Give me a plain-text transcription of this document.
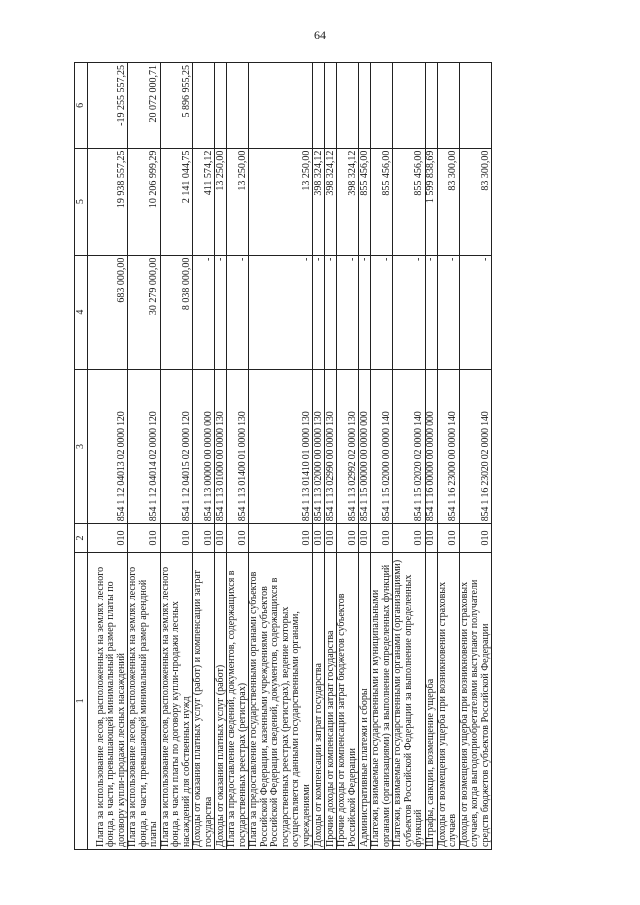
64
1	2	3	4	5	6
Плата за использование лесов, расположенных на землях лесного фонда, в части, превышающей минимальный размер платы по договору купли-продажи лесных насаждений	010	854 1 12 04013 02 0000 120	683 000,00	19 938 557,25	-19 255 557,25
Плата за использование лесов, расположенных на землях лесного фонда, в части, превышающей минимальный размер арендной платы	010	854 1 12 04014 02 0000 120	30 279 000,00	10 206 999,29	20 072 000,71
Плата за использование лесов, расположенных на землях лесного фонда, в части платы по договору купли-продажи лесных насаждений для собственных нужд	010	854 1 12 04015 02 0000 120	8 038 000,00	2 141 044,75	5 896 955,25
Доходы от оказания платных услуг (работ) и компенсации затрат государства	010	854 1 13 00000 00 0000 000	-	411 574,12	
Доходы от оказания платных услуг (работ)	010	854 1 13 01000 00 0000 130	-	13 250,00	
Плата за предоставление сведений, документов, содержащихся в государственных реестрах (регистрах)	010	854 1 13 01400 01 0000 130	-	13 250,00	
Плата за предоставление государственными органами субъектов Российской Федерации, казенными учреждениями субъектов Российской Федерации сведений, документов, содержащихся в государственных реестрах (регистрах), ведение которых осуществляется данными государственными органами, учреждениями	010	854 1 13 01410 01 0000 130	-	13 250,00	
Доходы от компенсации затрат государства	010	854 1 13 02000 00 0000 130	-	398 324,12	
Прочие доходы от компенсации затрат государства	010	854 1 13 02990 00 0000 130	-	398 324,12	
Прочие доходы от компенсации затрат бюджетов субъектов Российской Федерации	010	854 1 13 02992 02 0000 130	-	398 324,12	
Административные платежи и сборы	010	854 1 15 00000 00 0000 000	-	855 456,00	
Платежи, взимаемые государственными и муниципальными органами (организациями) за выполнение определенных функций	010	854 1 15 02000 00 0000 140	-	855 456,00	
Платежи, взимаемые государственными органами (организациями) субъектов Российской Федерации за выполнение определенных функций	010	854 1 15 02020 02 0000 140	-	855 456,00	
Штрафы, санкции, возмещение ущерба	010	854 1 16 00000 00 0000 000	-	1 599 838,69	
Доходы от возмещения ущерба при возникновении страховых случаев	010	854 1 16 23000 00 0000 140	-	83 300,00	
Доходы от возмещения ущерба при возникновении страховых случаев, когда выгодоприобретателями выступают получатели средств бюджетов субъектов Российской Федерации	010	854 1 16 23020 02 0000 140	-	83 300,00	
